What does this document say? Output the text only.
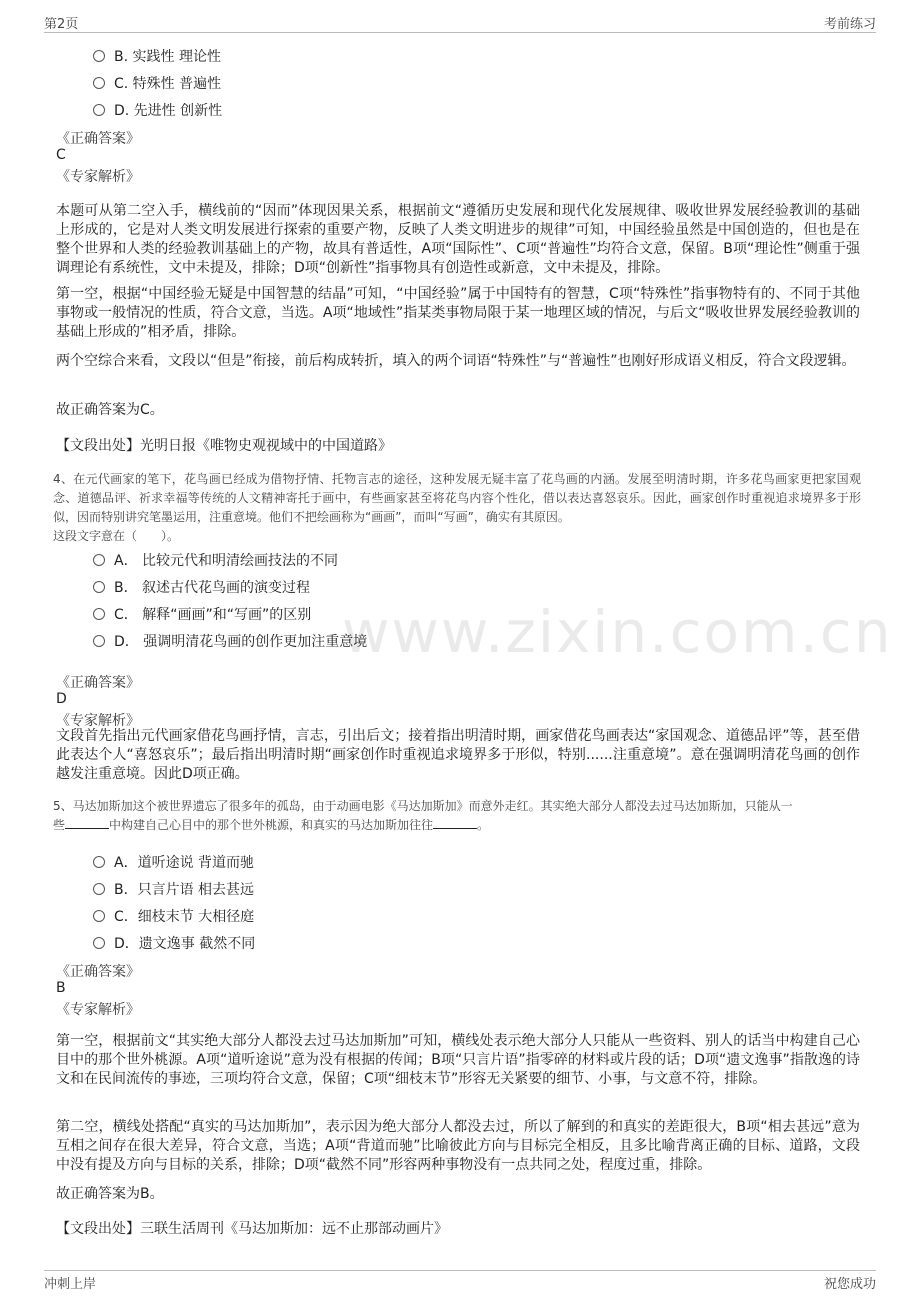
第2页	考前练习
www.zixin.com.cn
B. 实践性 理论性
C. 特殊性 普遍性
D. 先进性 创新性
《正确答案》
C
《专家解析》
本题可从第二空入手，横线前的“因而”体现因果关系，根据前文“遵循历史发展和现代化发展规律、吸收世界发展经验教训的基础上形成的，它是对人类文明发展进行探索的重要产物，反映了人类文明进步的规律”可知，中国经验虽然是中国创造的，但也是在整个世界和人类的经验教训基础上的产物，故具有普适性，A项“国际性”、C项“普遍性”均符合文意，保留。B项“理论性”侧重于强调理论有系统性，文中未提及，排除；D项“创新性”指事物具有创造性或新意，文中未提及，排除。
第一空，根据“中国经验无疑是中国智慧的结晶”可知，“中国经验”属于中国特有的智慧，C项“特殊性”指事物特有的、不同于其他事物或一般情况的性质，符合文意，当选。A项“地域性”指某类事物局限于某一地理区域的情况，与后文“吸收世界发展经验教训的基础上形成的”相矛盾，排除。
两个空综合来看，文段以“但是”衔接，前后构成转折，填入的两个词语“特殊性”与“普遍性”也刚好形成语义相反，符合文段逻辑。
故正确答案为C。
【文段出处】光明日报《唯物史观视域中的中国道路》
4、在元代画家的笔下，花鸟画已经成为借物抒情、托物言志的途径，这种发展无疑丰富了花鸟画的内涵。发展至明清时期，许多花鸟画家更把家国观念、道德品评、祈求幸福等传统的人文精神寄托于画中，有些画家甚至将花鸟内容个性化，借以表达喜怒哀乐。因此，画家创作时重视追求境界多于形似，因而特别讲究笔墨运用，注重意境。他们不把绘画称为“画画”，而叫“写画”，确实有其原因。
这段文字意在（　　）。
A． 比较元代和明清绘画技法的不同
B． 叙述古代花鸟画的演变过程
C． 解释“画画”和“写画”的区别
D． 强调明清花鸟画的创作更加注重意境
《正确答案》
D
《专家解析》
文段首先指出元代画家借花鸟画抒情，言志，引出后文；接着指出明清时期，画家借花鸟画表达“家国观念、道德品评”等，甚至借此表达个人“喜怒哀乐”；最后指出明清时期“画家创作时重视追求境界多于形似，特别......注重意境”。意在强调明清花鸟画的创作越发注重意境。因此D项正确。
5、马达加斯加这个被世界遗忘了很多年的孤岛，由于动画电影《马达加斯加》而意外走红。其实绝大部分人都没去过马达加斯加，只能从一
些	中构建自己心目中的那个世外桃源，和真实的马达加斯加往往	。
A．道听途说 背道而驰
B．只言片语 相去甚远
C．细枝末节 大相径庭
D．遗文逸事 截然不同
《正确答案》
B
《专家解析》
第一空，根据前文“其实绝大部分人都没去过马达加斯加”可知，横线处表示绝大部分人只能从一些资料、别人的话当中构建自己心目中的那个世外桃源。A项“道听途说”意为没有根据的传闻；B项“只言片语”指零碎的材料或片段的话；D项“遗文逸事”指散逸的诗文和在民间流传的事迹，三项均符合文意，保留；C项“细枝末节”形容无关紧要的细节、小事，与文意不符，排除。
第二空，横线处搭配“真实的马达加斯加”，表示因为绝大部分人都没去过，所以了解到的和真实的差距很大，B项“相去甚远”意为互相之间存在很大差异，符合文意，当选；A项“背道而驰”比喻彼此方向与目标完全相反，且多比喻背离正确的目标、道路，文段中没有提及方向与目标的关系，排除；D项“截然不同”形容两种事物没有一点共同之处，程度过重，排除。
故正确答案为B。
【文段出处】三联生活周刊《马达加斯加：远不止那部动画片》
冲刺上岸	祝您成功
